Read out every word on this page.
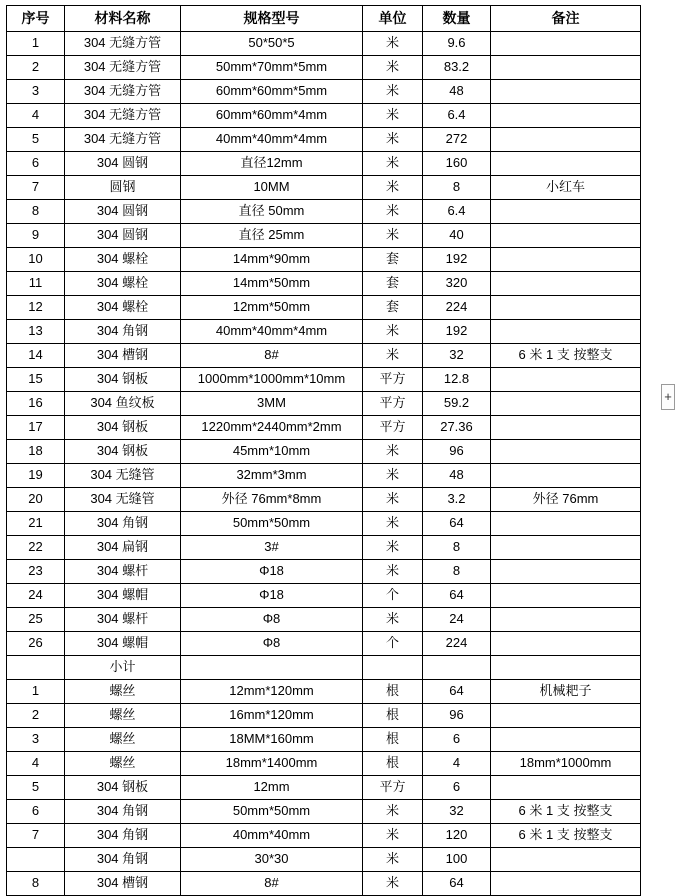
序号	材料名称	规格型号	单位	数量	备注
1	304 无缝方管	50*50*5	米	9.6	
2	304 无缝方管	50mm*70mm*5mm	米	83.2	
3	304 无缝方管	60mm*60mm*5mm	米	48	
4	304 无缝方管	60mm*60mm*4mm	米	6.4	
5	304 无缝方管	40mm*40mm*4mm	米	272	
6	304 圆钢	直径12mm	米	160	
7	圆钢	10MM	米	8	小红车
8	304 圆钢	直径 50mm	米	6.4	
9	304 圆钢	直径 25mm	米	40	
10	304 螺栓	14mm*90mm	套	192	
11	304 螺栓	14mm*50mm	套	320	
12	304 螺栓	12mm*50mm	套	224	
13	304 角钢	40mm*40mm*4mm	米	192	
14	304 槽钢	8#	米	32	6 米 1 支 按整支
15	304 钢板	1000mm*1000mm*10mm	平方	12.8	
16	304 鱼纹板	3MM	平方	59.2	
17	304 钢板	1220mm*2440mm*2mm	平方	27.36	
18	304 钢板	45mm*10mm	米	96	
19	304 无缝管	32mm*3mm	米	48	
20	304 无缝管	外径 76mm*8mm	米	3.2	外径 76mm
21	304 角钢	50mm*50mm	米	64	
22	304 扁钢	3#	米	8	
23	304 螺杆	Φ18	米	8	
24	304 螺帽	Φ18	个	64	
25	304 螺杆	Φ8	米	24	
26	304 螺帽	Φ8	个	224	
	小计				
1	螺丝	12mm*120mm	根	64	机械耙子
2	螺丝	16mm*120mm	根	96	
3	螺丝	18MM*160mm	根	6	
4	螺丝	18mm*1400mm	根	4	18mm*1000mm
5	304 钢板	12mm	平方	6	
6	304 角钢	50mm*50mm	米	32	6 米 1 支 按整支
7	304 角钢	40mm*40mm	米	120	6 米 1 支 按整支
	304 角钢	30*30	米	100	
8	304 槽钢	8#	米	64	
+
